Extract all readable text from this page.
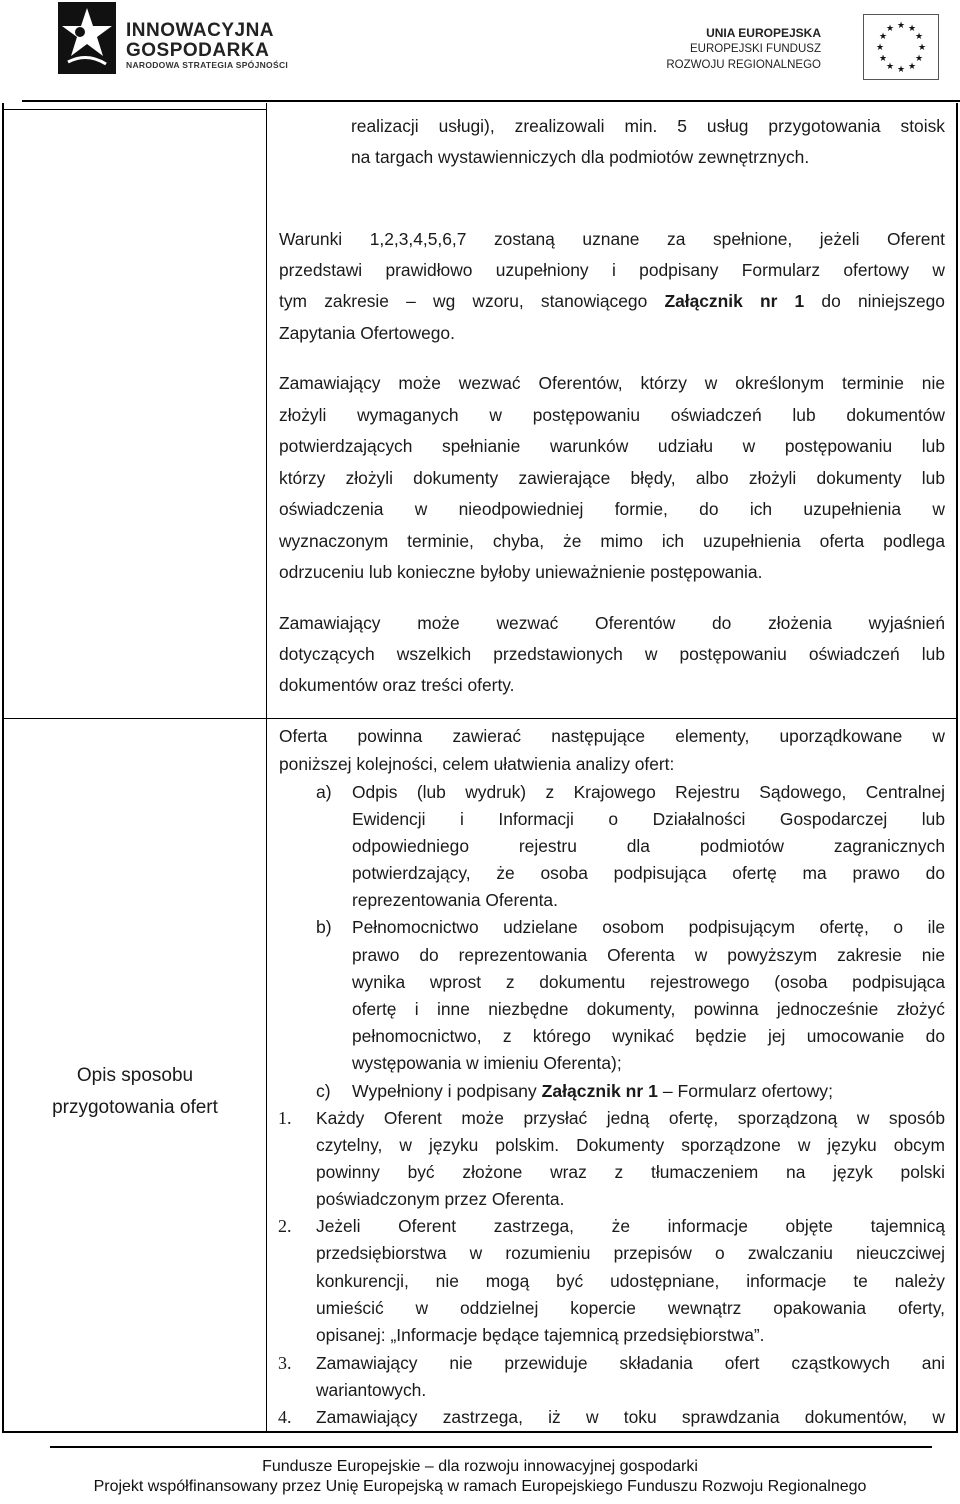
INNOWACYJNA
GOSPODARKA
NARODOWA STRATEGIA SPÓJNOŚCI
UNIA EUROPEJSKA
EUROPEJSKI FUNDUSZ
ROZWOJU REGIONALNEGO
★ ★
★
★
★
★
★
★
★
★
★
★
realizacji usługi), zrealizowali min. 5 usług przygotowania stoisk
na targach wystawienniczych dla podmiotów zewnętrznych.
Warunki 1,2,3,4,5,6,7 zostaną uznane za spełnione, jeżeli Oferent
przedstawi prawidłowo uzupełniony i podpisany Formularz ofertowy w
tym zakresie – wg wzoru, stanowiącego Załącznik nr 1 do niniejszego
Zapytania Ofertowego.
Zamawiający może wezwać Oferentów, którzy w określonym terminie nie
złożyli wymaganych w postępowaniu oświadczeń lub dokumentów
potwierdzających spełnianie warunków udziału w postępowaniu lub
którzy złożyli dokumenty zawierające błędy, albo złożyli dokumenty lub
oświadczenia w nieodpowiedniej formie, do ich uzupełnienia w
wyznaczonym terminie, chyba, że mimo ich uzupełnienia oferta podlega
odrzuceniu lub konieczne byłoby unieważnienie postępowania.
Zamawiający może wezwać Oferentów do złożenia wyjaśnień
dotyczących wszelkich przedstawionych w postępowaniu oświadczeń lub
dokumentów oraz treści oferty.
Opis sposobu
przygotowania ofert
Oferta powinna zawierać następujące elementy, uporządkowane w
poniższej kolejności, celem ułatwienia analizy ofert:
a) Odpis (lub wydruk) z Krajowego Rejestru Sądowego, Centralnej
Ewidencji i Informacji o Działalności Gospodarczej lub
odpowiedniego rejestru dla podmiotów zagranicznych
potwierdzający, że osoba podpisująca ofertę ma prawo do
reprezentowania Oferenta.
b) Pełnomocnictwo udzielane osobom podpisującym ofertę, o ile
prawo do reprezentowania Oferenta w powyższym zakresie nie
wynika wprost z dokumentu rejestrowego (osoba podpisująca
ofertę i inne niezbędne dokumenty, powinna jednocześnie złożyć
pełnomocnictwo, z którego wynikać będzie jej umocowanie do
występowania w imieniu Oferenta);
c) Wypełniony i podpisany Załącznik nr 1 – Formularz ofertowy;
1. Każdy Oferent może przysłać jedną ofertę, sporządzoną w sposób
czytelny, w języku polskim. Dokumenty sporządzone w języku obcym
powinny być złożone wraz z tłumaczeniem na język polski
poświadczonym przez Oferenta.
2. Jeżeli Oferent zastrzega, że informacje objęte tajemnicą
przedsiębiorstwa w rozumieniu przepisów o zwalczaniu nieuczciwej
konkurencji, nie mogą być udostępniane, informacje te należy
umieścić w oddzielnej kopercie wewnątrz opakowania oferty,
opisanej: „Informacje będące tajemnicą przedsiębiorstwa”.
3. Zamawiający nie przewiduje składania ofert cząstkowych ani
wariantowych.
4. Zamawiający zastrzega, iż w toku sprawdzania dokumentów, w
Fundusze Europejskie – dla rozwoju innowacyjnej gospodarki
Projekt współfinansowany przez Unię Europejską w ramach Europejskiego Funduszu Rozwoju Regionalnego
